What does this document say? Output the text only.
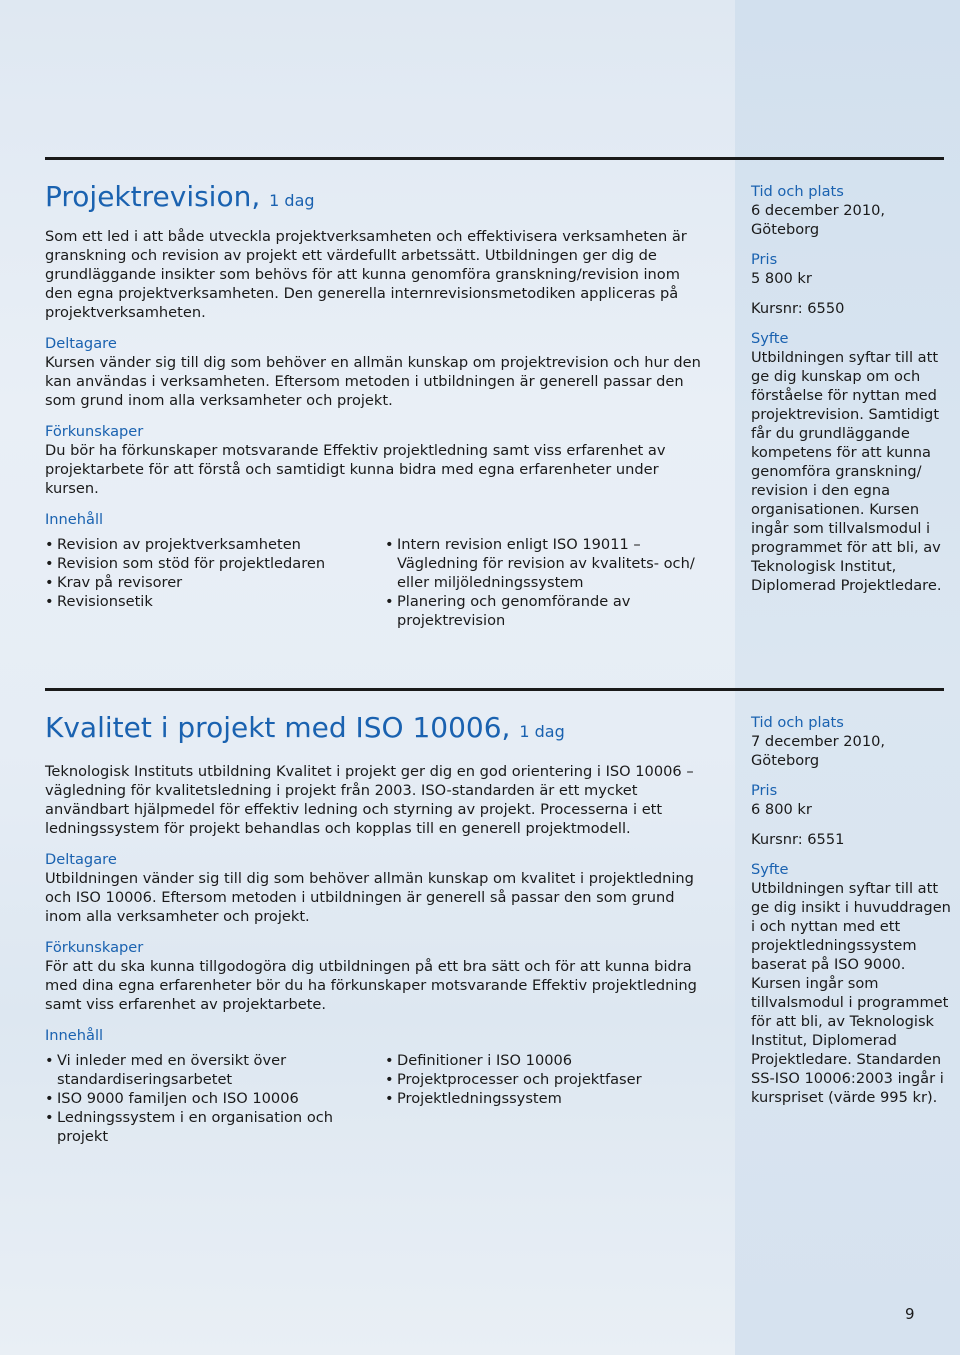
Projektrevision, 1 dag

Som ett led i att både utveckla projektverksamheten och effektivisera verksamheten är granskning och revision av projekt ett värdefullt arbetssätt. Utbildningen ger dig de grundläggande insikter som behövs för att kunna genomföra granskning/revision inom den egna projektverksamheten. Den generella internrevisionsmetodiken appliceras på projektverksamheten.

Deltagare

Kursen vänder sig till dig som behöver en allmän kunskap om projektrevision och hur den kan användas i verksamheten. Eftersom metoden i utbildningen är generell passar den som grund inom alla verksamheter och projekt.

Förkunskaper

Du bör ha förkunskaper motsvarande Effektiv projektledning samt viss erfarenhet av projektarbete för att förstå och samtidigt kunna bidra med egna erfarenheter under kursen.

Innehåll

• Revision av projektverksamheten
• Revision som stöd för projektledaren
• Krav på revisorer
• Revisionsetik
• Intern revision enligt ISO 19011 – Vägledning för revision av kvalitets- och/ eller miljöledningssystem
• Planering och genomförande av projektrevision

Tid och plats

6 december 2010, Göteborg

Pris

5 800 kr

Kursnr: 6550

Syfte

Utbildningen syftar till att ge dig kunskap om och förståelse för nyttan med projektrevision. Samtidigt får du grundläggande kompetens för att kunna genomföra granskning/ revision i den egna organisationen. Kursen ingår som tillvalsmodul i programmet för att bli, av Teknologisk Institut, Diplomerad Projektledare.

Kvalitet i projekt med ISO 10006, 1 dag

Teknologisk Instituts utbildning Kvalitet i projekt ger dig en god orientering i ISO 10006 – vägledning för kvalitetsledning i projekt från 2003. ISO-standarden är ett mycket användbart hjälpmedel för effektiv ledning och styrning av projekt. Processerna i ett ledningssystem för projekt behandlas och kopplas till en generell projektmodell.

Deltagare

Utbildningen vänder sig till dig som behöver allmän kunskap om kvalitet i projektledning och ISO 10006. Eftersom metoden i utbildningen är generell så passar den som grund inom alla verksamheter och projekt.

Förkunskaper

För att du ska kunna tillgodogöra dig utbildningen på ett bra sätt och för att kunna bidra med dina egna erfarenheter bör du ha förkunskaper motsvarande Effektiv projektledning samt viss erfarenhet av projektarbete.

Innehåll

• Vi inleder med en översikt över standardiseringsarbetet
• ISO 9000 familjen och ISO 10006
• Ledningssystem i en organisation och projekt
• Definitioner i ISO 10006
• Projektprocesser och projektfaser
• Projektledningssystem

Tid och plats

7 december 2010, Göteborg

Pris

6 800 kr

Kursnr: 6551

Syfte

Utbildningen syftar till att ge dig insikt i huvuddragen i och nyttan med ett projektledningssystem baserat på ISO 9000. Kursen ingår som tillvalsmodul i programmet för att bli, av Teknologisk Institut, Diplomerad Projektledare. Standarden SS-ISO 10006:2003 ingår i kurspriset (värde 995 kr).

9
